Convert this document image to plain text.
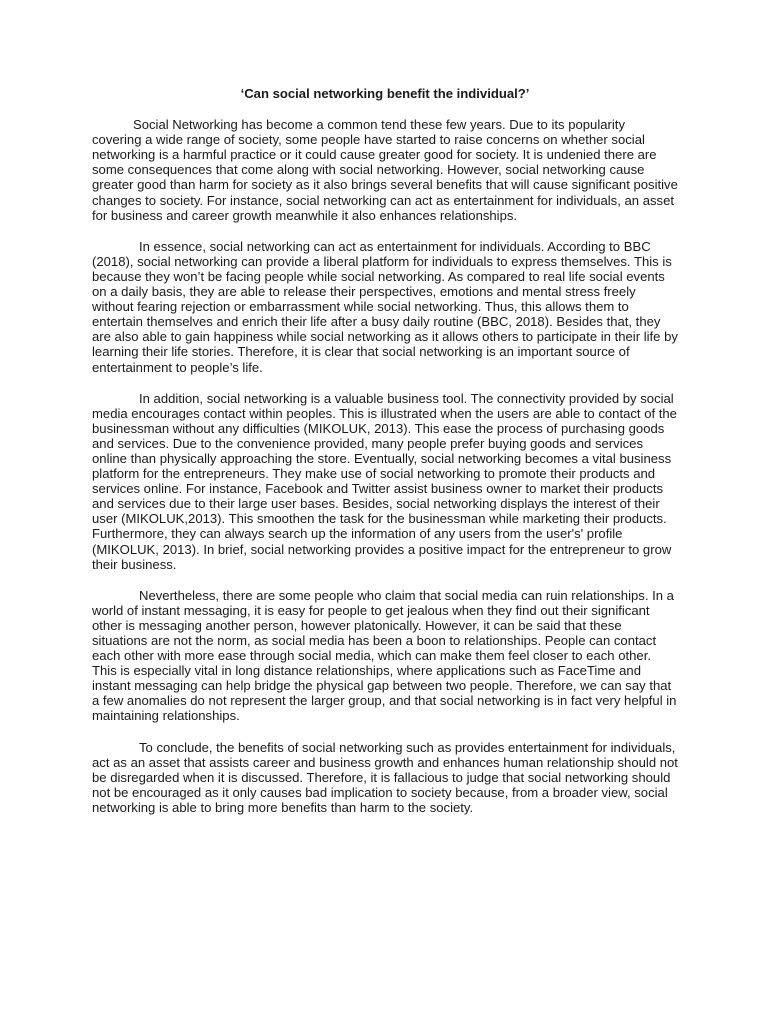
‘Can social networking benefit the individual?’

Social Networking has become a common tend these few years. Due to its popularity covering a wide range of society, some people have started to raise concerns on whether social networking is a harmful practice or it could cause greater good for society. It is undenied there are some consequences that come along with social networking. However, social networking cause greater good than harm for society as it also brings several benefits that will cause significant positive changes to society. For instance, social networking can act as entertainment for individuals, an asset for business and career growth meanwhile it also enhances relationships.

In essence, social networking can act as entertainment for individuals. According to BBC (2018), social networking can provide a liberal platform for individuals to express themselves. This is because they won’t be facing people while social networking. As compared to real life social events on a daily basis, they are able to release their perspectives, emotions and mental stress freely without fearing rejection or embarrassment while social networking. Thus, this allows them to entertain themselves and enrich their life after a busy daily routine (BBC, 2018). Besides that, they are also able to gain happiness while social networking as it allows others to participate in their life by learning their life stories. Therefore, it is clear that social networking is an important source of entertainment to people’s life.

In addition, social networking is a valuable business tool. The connectivity provided by social media encourages contact within peoples. This is illustrated when the users are able to contact of the businessman without any difficulties (MIKOLUK, 2013). This ease the process of purchasing goods and services. Due to the convenience provided, many people prefer buying goods and services online than physically approaching the store. Eventually, social networking becomes a vital business platform for the entrepreneurs. They make use of social networking to promote their products and services online. For instance, Facebook and Twitter assist business owner to market their products and services due to their large user bases. Besides, social networking displays the interest of their user (MIKOLUK,2013). This smoothen the task for the businessman while marketing their products. Furthermore, they can always search up the information of any users from the user's' profile (MIKOLUK, 2013). In brief, social networking provides a positive impact for the entrepreneur to grow their business.

Nevertheless, there are some people who claim that social media can ruin relationships. In a world of instant messaging, it is easy for people to get jealous when they find out their significant other is messaging another person, however platonically. However, it can be said that these situations are not the norm, as social media has been a boon to relationships. People can contact each other with more ease through social media, which can make them feel closer to each other. This is especially vital in long distance relationships, where applications such as FaceTime and instant messaging can help bridge the physical gap between two people. Therefore, we can say that a few anomalies do not represent the larger group, and that social networking is in fact very helpful in maintaining relationships.

To conclude, the benefits of social networking such as provides entertainment for individuals, act as an asset that assists career and business growth and enhances human relationship should not be disregarded when it is discussed. Therefore, it is fallacious to judge that social networking should not be encouraged as it only causes bad implication to society because, from a broader view, social networking is able to bring more benefits than harm to the society.
